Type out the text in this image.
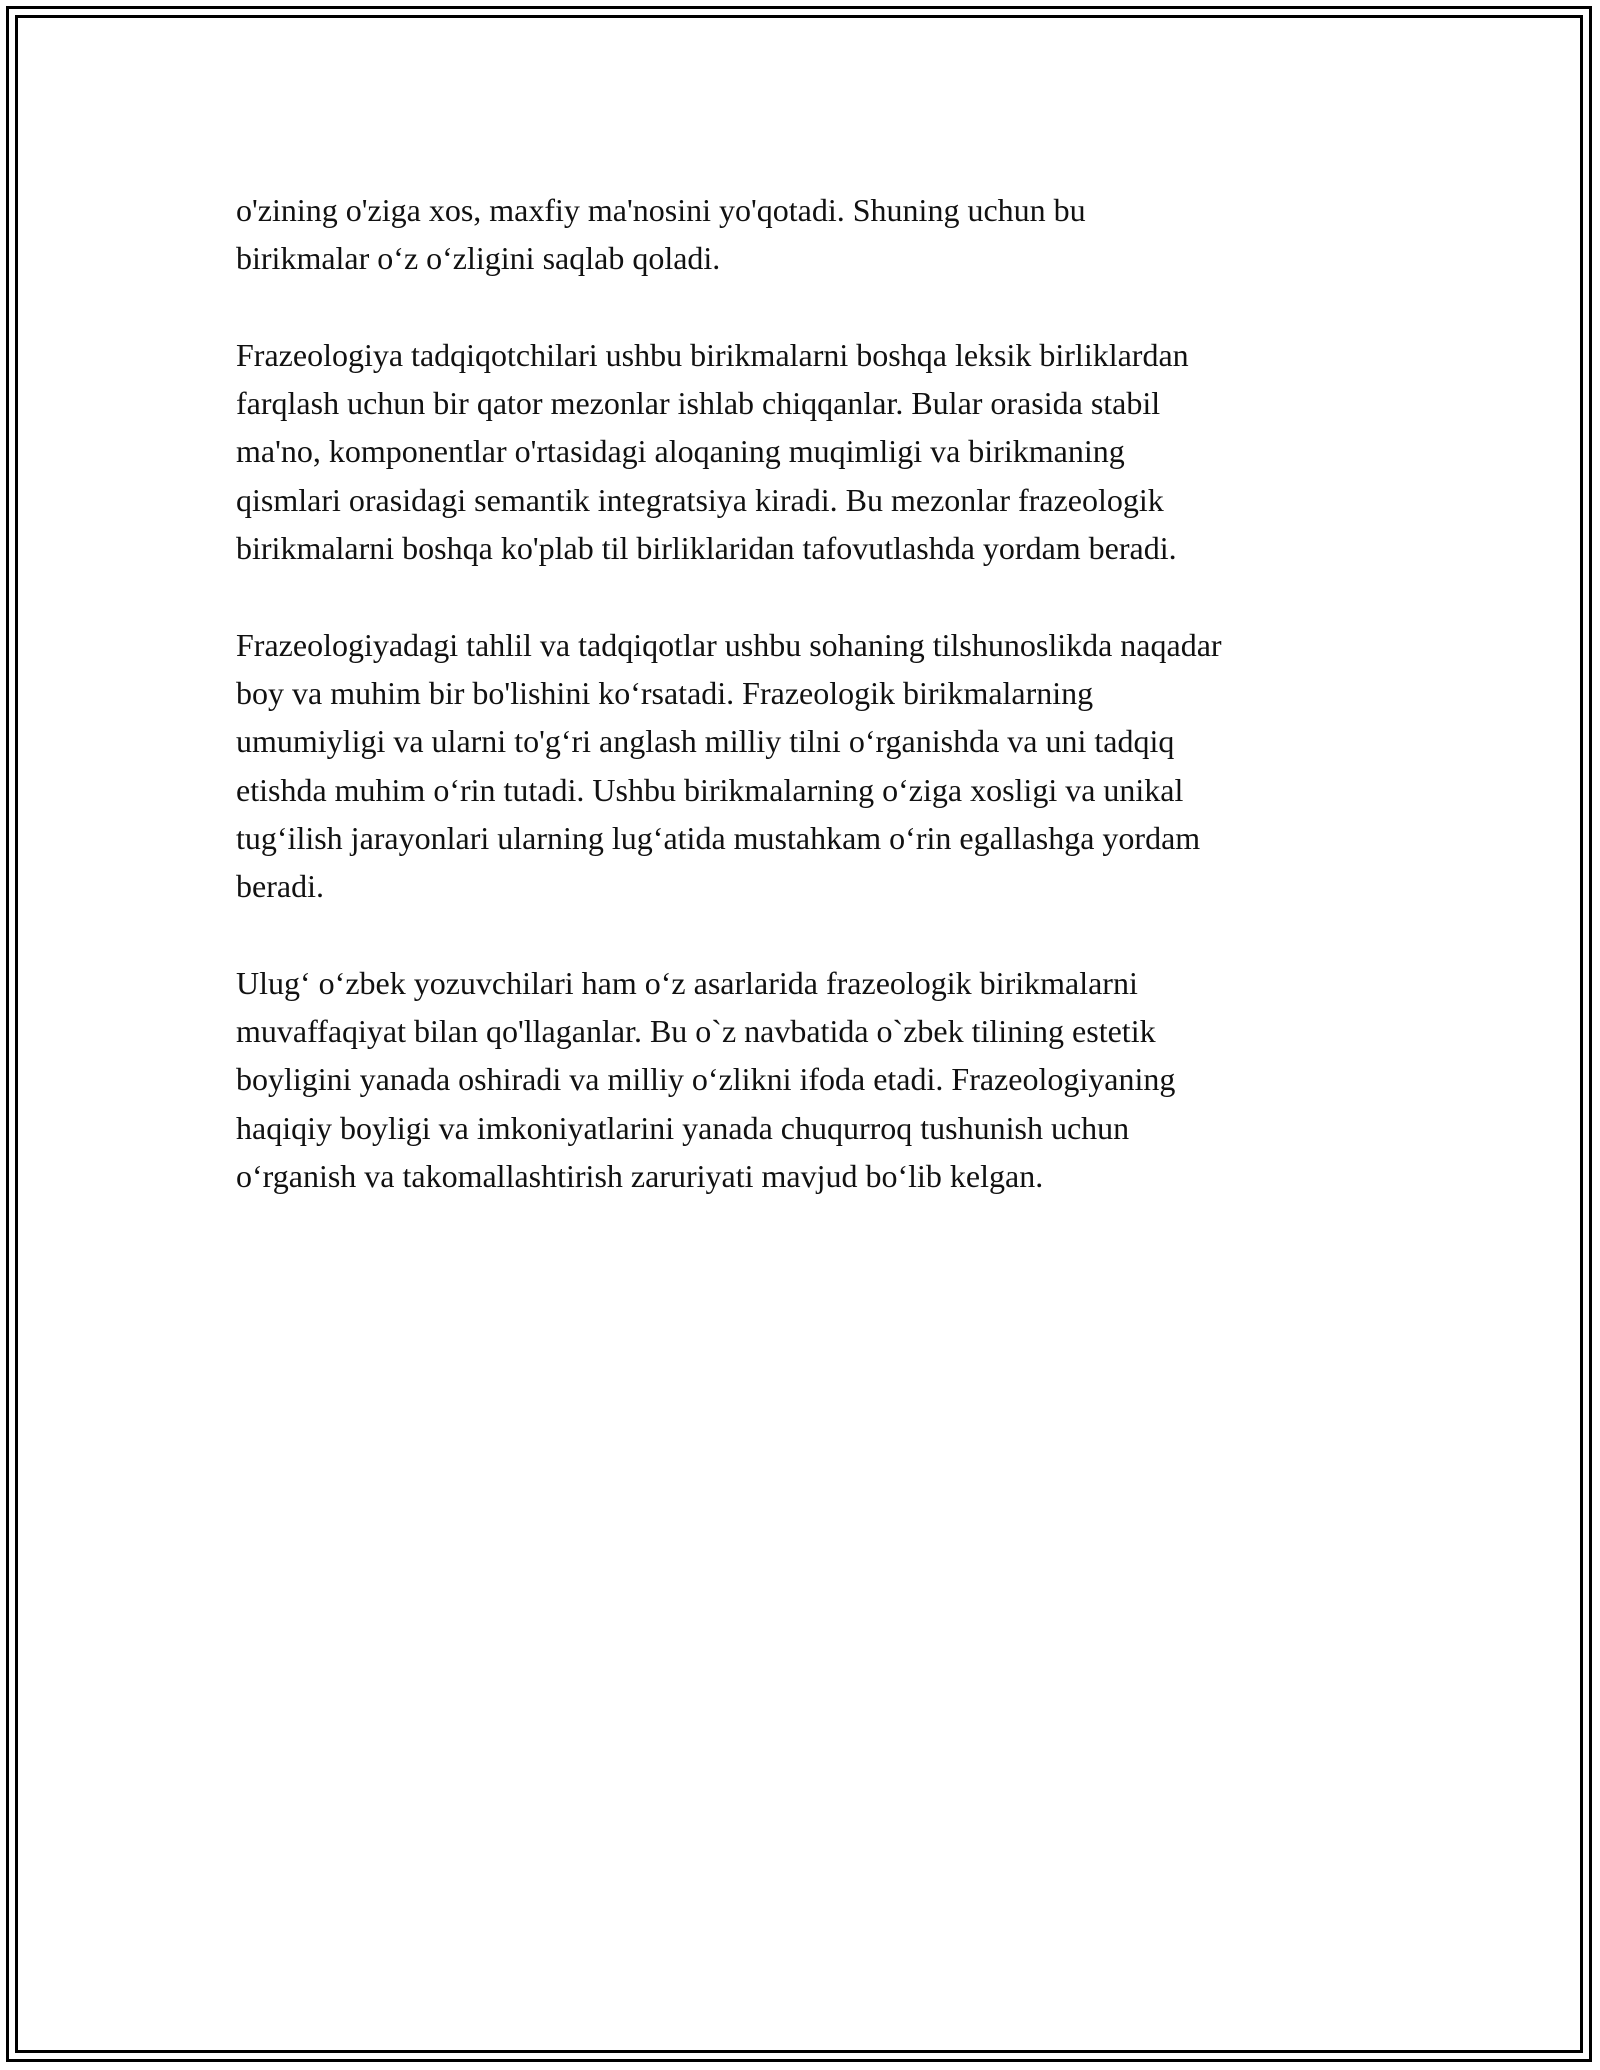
o'zining o'ziga xos, maxfiy ma'nosini yo'qotadi. Shuning uchun bu
birikmalar o‘z o‘zligini saqlab qoladi.

Frazeologiya tadqiqotchilari ushbu birikmalarni boshqa leksik birliklardan
farqlash uchun bir qator mezonlar ishlab chiqqanlar. Bular orasida stabil
ma'no, komponentlar o'rtasidagi aloqaning muqimligi va birikmaning
qismlari orasidagi semantik integratsiya kiradi. Bu mezonlar frazeologik
birikmalarni boshqa ko'plab til birliklaridan tafovutlashda yordam beradi.

Frazeologiyadagi tahlil va tadqiqotlar ushbu sohaning tilshunoslikda naqadar
boy va muhim bir bo'lishini ko‘rsatadi. Frazeologik birikmalarning
umumiyligi va ularni to'g‘ri anglash milliy tilni o‘rganishda va uni tadqiq
etishda muhim o‘rin tutadi. Ushbu birikmalarning o‘ziga xosligi va unikal
tug‘ilish jarayonlari ularning lug‘atida mustahkam o‘rin egallashga yordam
beradi.

Ulug‘ o‘zbek yozuvchilari ham o‘z asarlarida frazeologik birikmalarni
muvaffaqiyat bilan qo'llaganlar. Bu o`z navbatida o`zbek tilining estetik
boyligini yanada oshiradi va milliy o‘zlikni ifoda etadi. Frazeologiyaning
haqiqiy boyligi va imkoniyatlarini yanada chuqurroq tushunish uchun
o‘rganish va takomallashtirish zaruriyati mavjud bo‘lib kelgan.
